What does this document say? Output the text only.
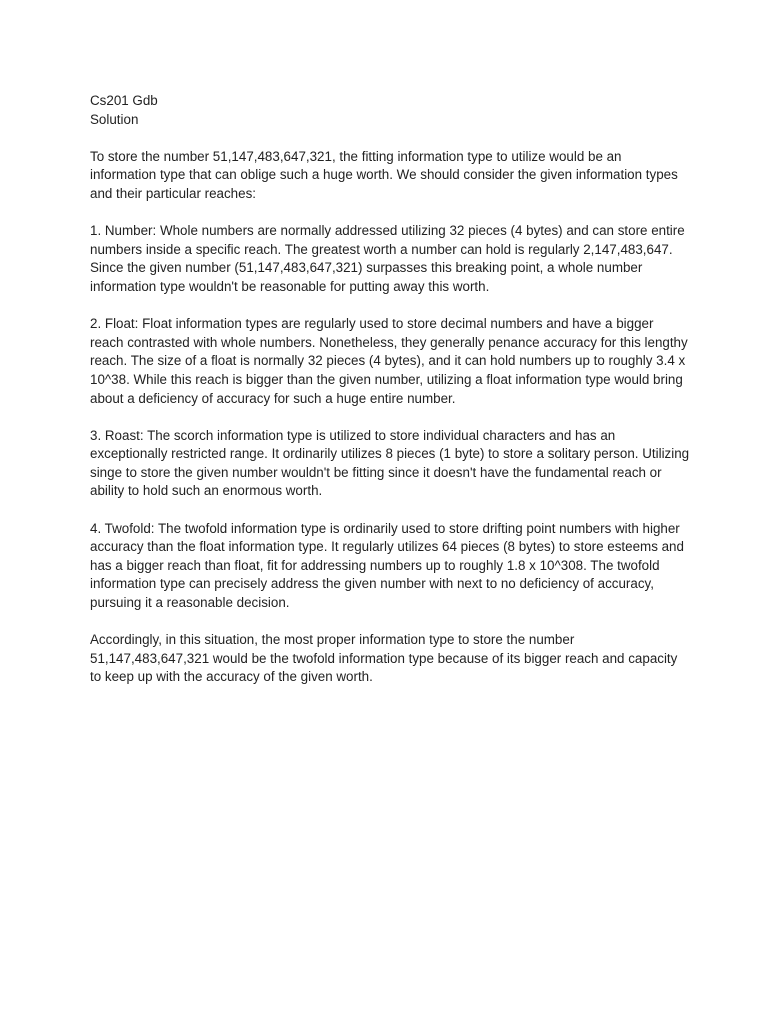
Cs201 Gdb
Solution

To store the number 51,147,483,647,321, the fitting information type to utilize would be an information type that can oblige such a huge worth. We should consider the given information types and their particular reaches:

1. Number: Whole numbers are normally addressed utilizing 32 pieces (4 bytes) and can store entire numbers inside a specific reach. The greatest worth a number can hold is regularly 2,147,483,647. Since the given number (51,147,483,647,321) surpasses this breaking point, a whole number information type wouldn't be reasonable for putting away this worth.

2. Float: Float information types are regularly used to store decimal numbers and have a bigger reach contrasted with whole numbers. Nonetheless, they generally penance accuracy for this lengthy reach. The size of a float is normally 32 pieces (4 bytes), and it can hold numbers up to roughly 3.4 x 10^38. While this reach is bigger than the given number, utilizing a float information type would bring about a deficiency of accuracy for such a huge entire number.

3. Roast: The scorch information type is utilized to store individual characters and has an exceptionally restricted range. It ordinarily utilizes 8 pieces (1 byte) to store a solitary person. Utilizing singe to store the given number wouldn't be fitting since it doesn't have the fundamental reach or ability to hold such an enormous worth.

4. Twofold: The twofold information type is ordinarily used to store drifting point numbers with higher accuracy than the float information type. It regularly utilizes 64 pieces (8 bytes) to store esteems and has a bigger reach than float, fit for addressing numbers up to roughly 1.8 x 10^308. The twofold information type can precisely address the given number with next to no deficiency of accuracy, pursuing it a reasonable decision.

Accordingly, in this situation, the most proper information type to store the number 51,147,483,647,321 would be the twofold information type because of its bigger reach and capacity to keep up with the accuracy of the given worth.
